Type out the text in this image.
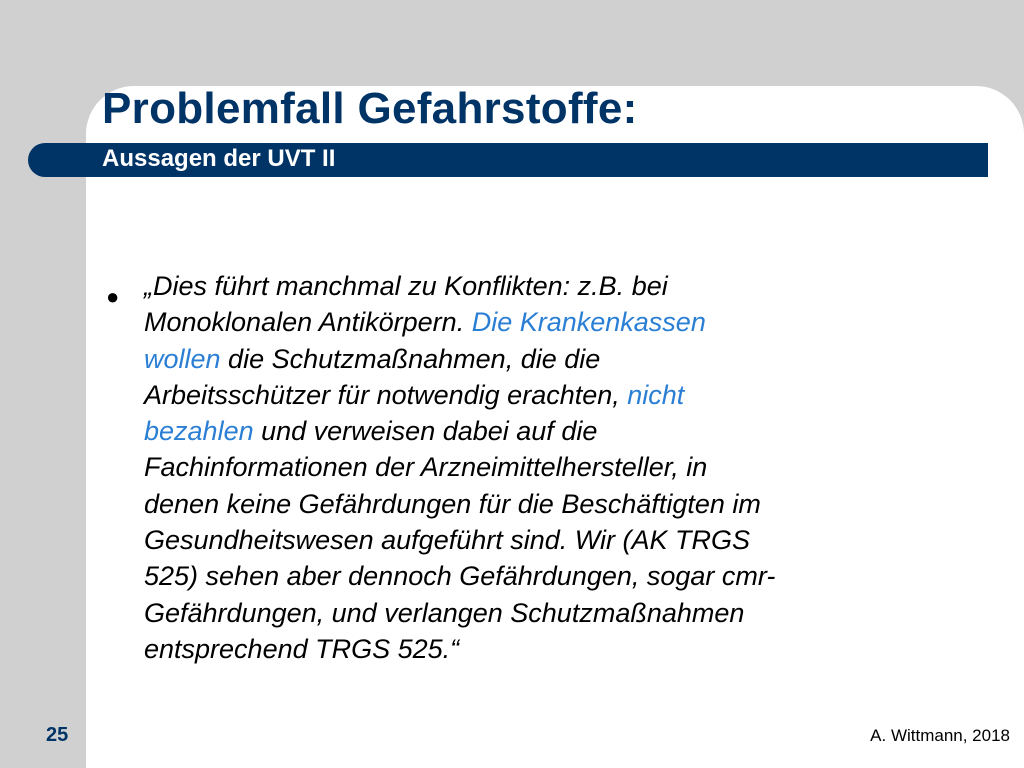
Problemfall Gefahrstoffe:
Aussagen der UVT II
● „Dies führt manchmal zu Konflikten: z.B. bei
Monoklonalen Antikörpern. Die Krankenkassen
wollen die Schutzmaßnahmen, die die
Arbeitsschützer für notwendig erachten, nicht
bezahlen und verweisen dabei auf die
Fachinformationen der Arzneimittelhersteller, in
denen keine Gefährdungen für die Beschäftigten im
Gesundheitswesen aufgeführt sind. Wir (AK TRGS
525) sehen aber dennoch Gefährdungen, sogar cmr-
Gefährdungen, und verlangen Schutzmaßnahmen
entsprechend TRGS 525.“
25	A. Wittmann, 2018
